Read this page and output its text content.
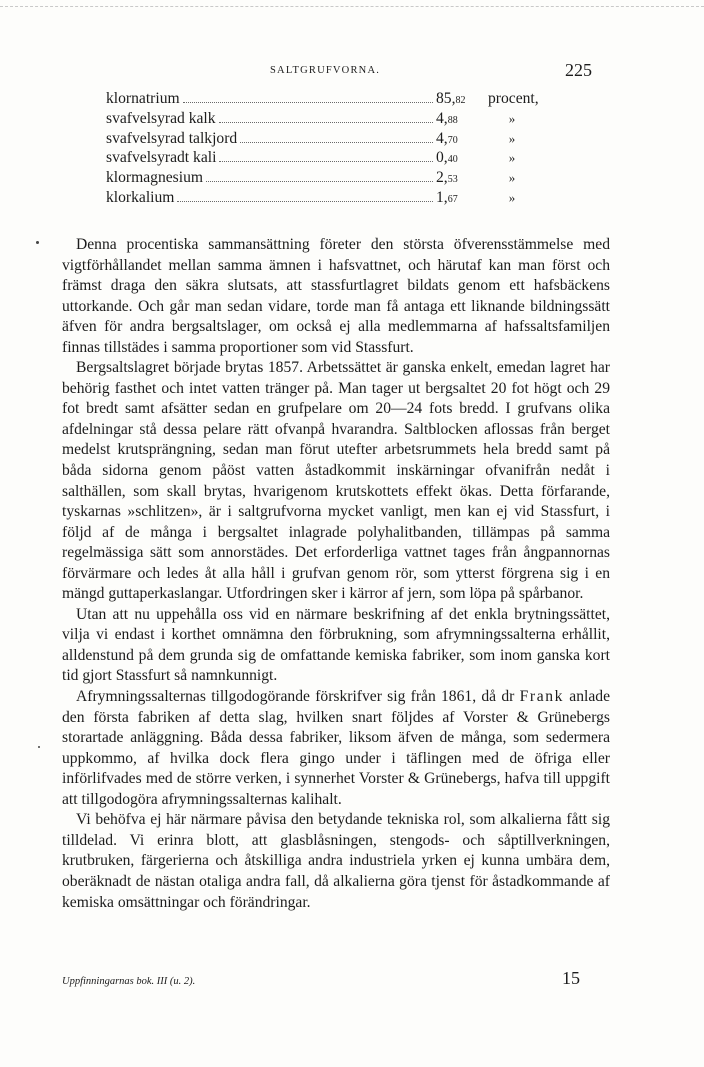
SALTGRUFVORNA.	225
klornatrium	85,82	procent,
svafvelsyrad kalk	4,88	»
svafvelsyrad talkjord	4,70	»
svafvelsyradt kali	0,40	»
klormagnesium	2,53	»
klorkalium	1,67	»

Denna procentiska sammansättning företer den största öfverensstämmelse med vigtförhållandet mellan samma ämnen i hafsvattnet, och härutaf kan man först och främst draga den säkra slutsats, att stassfurtlagret bildats genom ett hafsbäckens uttorkande. Och går man sedan vidare, torde man få antaga ett liknande bildningssätt äfven för andra bergsaltslager, om också ej alla medlemmarna af hafssaltsfamiljen finnas tillstädes i samma proportioner som vid Stassfurt.

Bergsaltslagret började brytas 1857. Arbetssättet är ganska enkelt, emedan lagret har behörig fasthet och intet vatten tränger på. Man tager ut bergsaltet 20 fot högt och 29 fot bredt samt afsätter sedan en grufpelare om 20—24 fots bredd. I grufvans olika afdelningar stå dessa pelare rätt ofvanpå hvarandra. Saltblocken aflossas från berget medelst krutsprängning, sedan man förut utefter arbetsrummets hela bredd samt på båda sidorna genom påöst vatten åstadkommit inskärningar ofvanifrån nedåt i salthällen, som skall brytas, hvarigenom krutskottets effekt ökas. Detta förfarande, tyskarnas »schlitzen», är i saltgrufvorna mycket vanligt, men kan ej vid Stassfurt, i följd af de många i bergsaltet inlagrade polyhalitbanden, tillämpas på samma regelmässiga sätt som annorstädes. Det erforderliga vattnet tages från ångpannornas förvärmare och ledes åt alla håll i grufvan genom rör, som ytterst förgrena sig i en mängd guttaperkaslangar. Utfordringen sker i kärror af jern, som löpa på spårbanor.

Utan att nu uppehålla oss vid en närmare beskrifning af det enkla brytningssättet, vilja vi endast i korthet omnämna den förbrukning, som afrymningssalterna erhållit, alldenstund på dem grunda sig de omfattande kemiska fabriker, som inom ganska kort tid gjort Stassfurt så namnkunnigt.

Afrymningssalternas tillgodogörande förskrifver sig från 1861, då dr Frank anlade den första fabriken af detta slag, hvilken snart följdes af Vorster & Grünebergs storartade anläggning. Båda dessa fabriker, liksom äfven de många, som sedermera uppkommo, af hvilka dock flera gingo under i täflingen med de öfriga eller införlifvades med de större verken, i synnerhet Vorster & Grünebergs, hafva till uppgift att tillgodogöra afrymningssalternas kalihalt.

Vi behöfva ej här närmare påvisa den betydande tekniska rol, som alkalierna fått sig tilldelad. Vi erinra blott, att glasblåsningen, stengods- och såptillverkningen, krutbruken, färgerierna och åtskilliga andra industriela yrken ej kunna umbära dem, oberäknadt de nästan otaliga andra fall, då alkalierna göra tjenst för åstadkommande af kemiska omsättningar och förändringar.

Uppfinningarnas bok. III (u. 2).	15
